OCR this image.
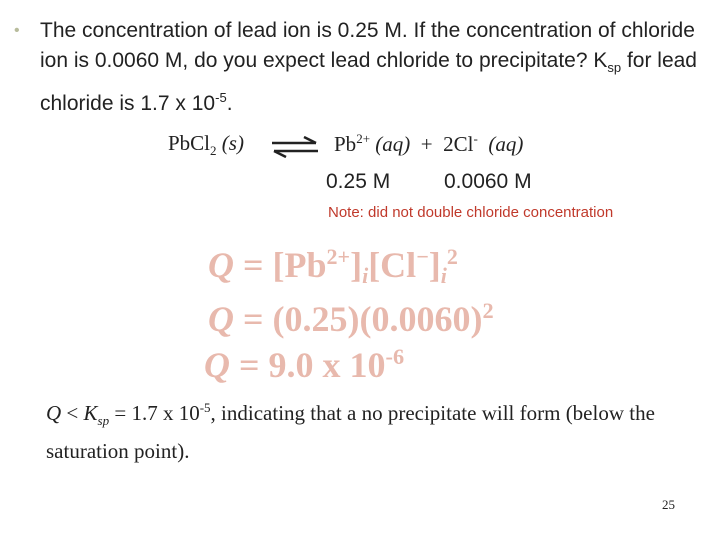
• The concentration of lead ion is 0.25 M. If the concentration of chloride ion is 0.0060 M, do you expect lead chloride to precipitate? $K_{sp}$ for lead chloride is 1.7 x $10^{-5}$.
PbCl$_2$ (s) ⇌ $Pb^{2+}$ (aq) + 2Cl- (aq)
0.25 M	0.0060 M
Note: did not double chloride concentration
$Q = [Pb^{2+}]i[Cl^-]i^2$
$Q = (0.25)(0.0060)^2$
Q = 9.0 x $10^{-6}$
$Q < K_{sp} = 1.7$ x $10^{-5}$, indicating that a no precipitate will form (below the saturation point).
25
